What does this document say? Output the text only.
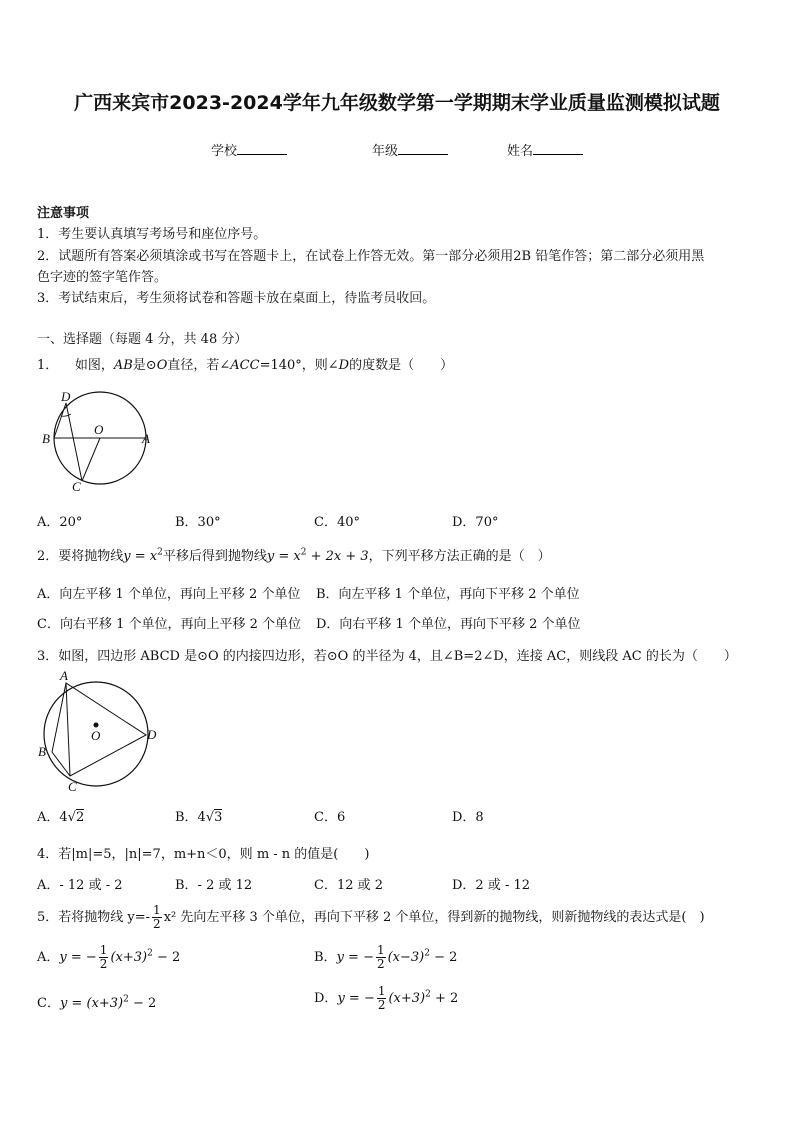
广西来宾市2023-2024学年九年级数学第一学期期末学业质量监测模拟试题
学校	年级	姓名
注意事项
1．考生要认真填写考场号和座位序号。
2．试题所有答案必须填涂或书写在答题卡上，在试卷上作答无效。第一部分必须用2B 铅笔作答；第二部分必须用黑
色字迹的签字笔作答。
3．考试结束后，考生须将试卷和答题卡放在桌面上，待监考员收回。
一、选择题（每题 4 分，共 48 分）
1． 如图，AB是⊙O直径，若∠ACC=140°，则∠D的度数是（　　）
D
B
O
A
C
A．20°	B．30°	C．40°	D．70°
2．要将抛物线$y = x^2$平移后得到抛物线$y = x^2 + 2x + 3$，下列平移方法正确的是（　）
A．向左平移 1 个单位，再向上平移 2 个单位 B．向左平移 1 个单位，再向下平移 2 个单位
C．向右平移 1 个单位，再向上平移 2 个单位 D．向右平移 1 个单位，再向下平移 2 个单位
3．如图，四边形 ABCD 是⊙O 的内接四边形，若⊙O 的半径为 4，且∠B=2∠D，连接 AC，则线段 AC 的长为（　　）
A
B
C
D
O
A．4√2	B．4√3	C．6	D．8
4．若|m|=5，|n|=7，m+n＜0，则 m - n 的值是(　　)
A．- 12 或 - 2	B．- 2 或 12	C．12 或 2	D．2 或 - 12
5．若将抛物线 $y=- \frac{1}{2} x^2$ 先向左平移 3 个单位，再向下平移 2 个单位，得到新的抛物线，则新抛物线的表达式是(　)
A．y = − $\frac{1}{2} (x+3)^2 - 2$	B．y = − $\frac{1}{2} (x-3)^2 - 2$
C．$y = (x+3)^2 - 2$	D．y = − $\frac{1}{2} (x+3)^2 + 2$
